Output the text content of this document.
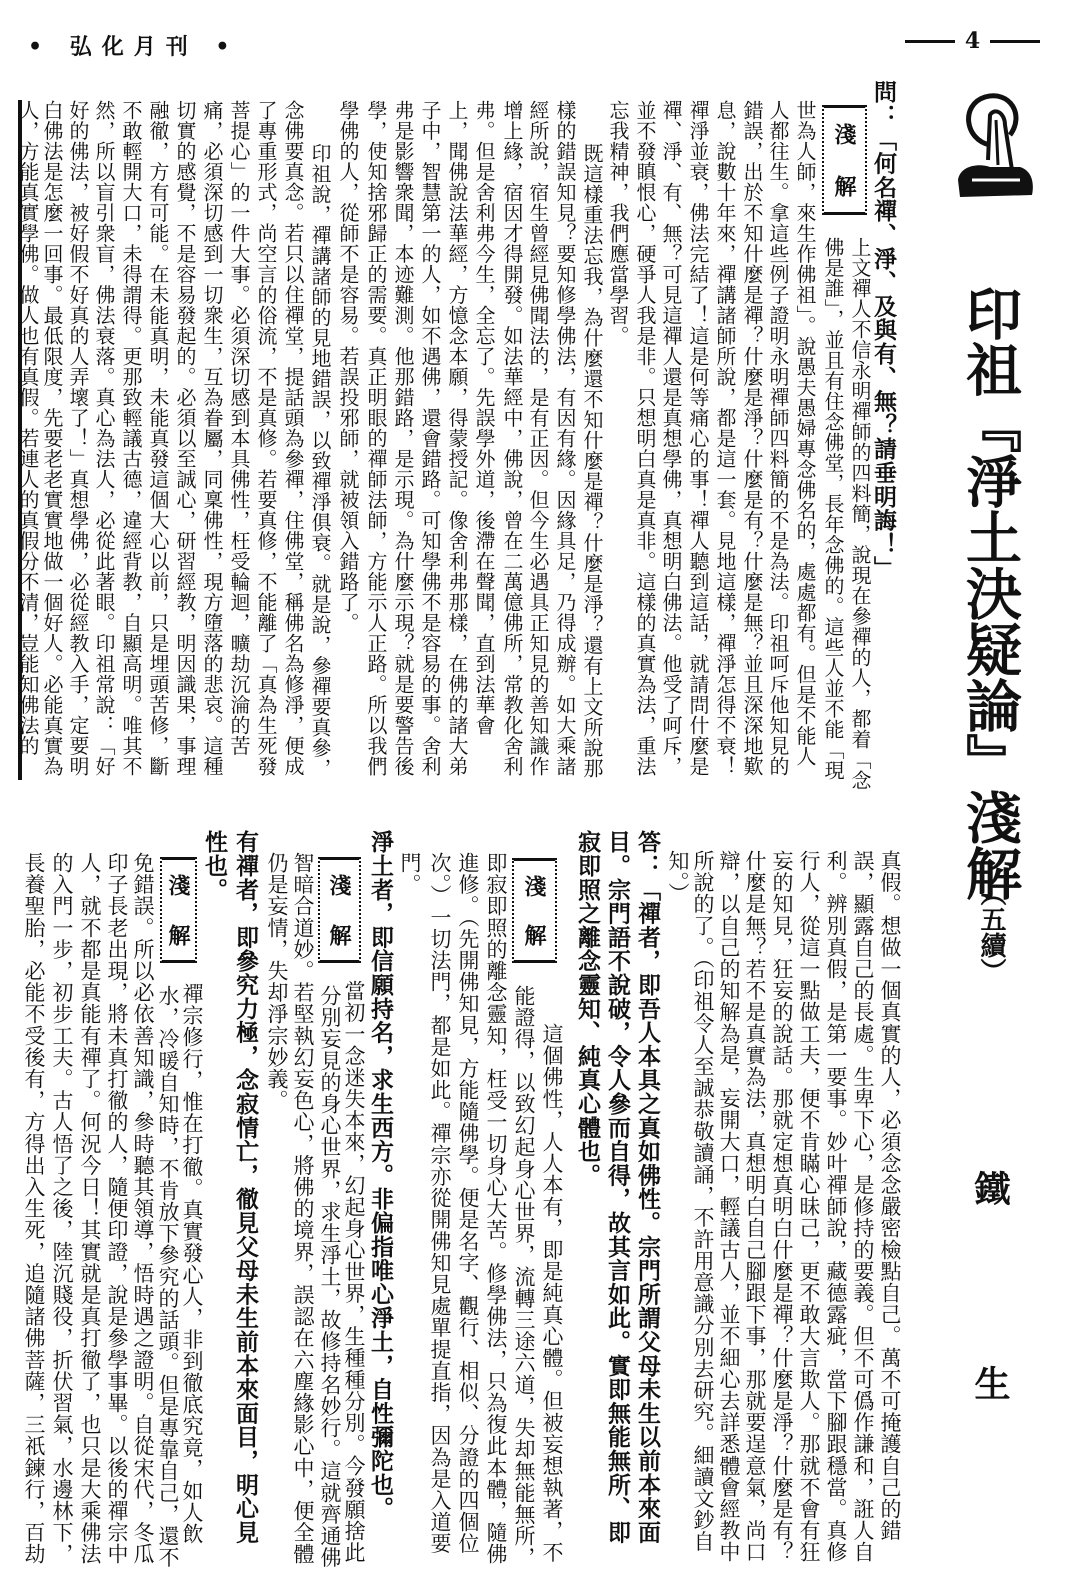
• 弘化月刊 •	4
印祖『淨土決疑論』淺解
（五續）
鐵
生
問：「何名禪、淨、及與有、無？請垂明誨！」
上文禪人不信永明禪師的四料簡，說現在參禪的人，都着「念
佛是誰」，並且有住念佛堂，長年念佛的。這些人並不能「現
世為人師，來生作佛祖」。說愚夫愚婦專念佛名的，處處都有。但是不能人
人都往生。拿這些例子證明永明禪師四料簡的不是為法。印祖呵斥他知見的
錯誤，出於不知什麼是禪？什麼是淨？什麼是有？什麼是無？並且深深地歎
息，說數十年來，禪講諸師所說，都是這一套。見地這樣，禪淨怎得不衰！
禪淨並衰，佛法完結了！這是何等痛心的事！禪人聽到這話，就請問什麼是
禪、淨、有、無？可見這禪人還是真想學佛，真想明白佛法。他受了呵斥，
並不發瞋恨心，硬爭人我是非。只想明白真是真非。這樣的真實為法，重法
忘我精神，我們應當學習。
既這樣重法忘我，為什麼還不知什麼是禪？什麼是淨？還有上文所說那
樣的錯誤知見？要知修學佛法，有因有緣。因緣具足，乃得成辦。如大乘諸
經所說，宿生曾經見佛聞法的，是有正因。但今生必遇具正知見的善知識作
增上緣，宿因才得開發。如法華經中，佛說，曾在二萬億佛所，常教化舍利
弗。但是舍利弗今生，全忘了。先誤學外道，後滯在聲聞，直到法華會
上，聞佛說法華經，方憶念本願，得蒙授記。像舍利弗那樣，在佛的諸大弟
子中，智慧第一的人，如不遇佛，還會錯路。可知學佛不是容易的事。舍利
弗是影響衆聞，本迹難測。他那錯路，是示現。為什麼示現？就是要警告後
學，使知捨邪歸正的需要。真正明眼的禪師法師，方能示人正路。所以我們
學佛的人，從師不是容易。若誤投邪師，就被領入錯路了。
印祖說，禪講諸師的見地錯誤，以致禪淨俱衰。就是說，參禪要真參，
念佛要真念。若只以住禪堂，提話頭為參禪，住佛堂，稱佛名為修淨，便成
了專重形式，尚空言的俗流，不是真修。若要真修，不能離了「真為生死發
菩提心」的一件大事。必須深切感到本具佛性，枉受輪迴，曠劫沉淪的苦
痛，必須深切感到一切衆生，互為眷屬，同稟佛性，現方墮落的悲哀。這種
切實的感覺，不是容易發起的。必須以至誠心，研習經教，明因識果，事理
融徹，方有可能。在未能真明，未能真發這個大心以前，只是埋頭苦修，斷
不敢輕開大口，未得謂得。更那致輕議古德，違經背教，自顯高明。唯其不
然，所以盲引衆盲，佛法衰落。真心為法人，必從此著眼。印祖常說：「好
好的佛法，被好假不好真的人弄壞了！」真想學佛，必從經教入手，定要明
白佛法是怎麼一回事。最低限度，先要老老實實地做一個好人。必能真實為
人，方能真實學佛。做人也有真假。若連人的真假分不清，豈能知佛法的
真假。想做一個真實的人，必須念念嚴密檢點自己。萬不可掩護自己的錯
誤，顯露自己的長處。生卑下心，是修持的要義。但不可僞作謙和，誑人自
利。辨別真假，是第一要事。妙叶禪師說，藏德露疵，當下腳跟穩當。真修
行人，從這一點做工夫，便不肯瞞心昧己，更不敢大言欺人。那就不會有狂
妄的知見，狂妄的說話。那就定想真明白什麼是禪？什麼是淨？什麼是有？
什麼是無？若不是真實為法，真想明白自己腳跟下事，那就要逞意氣，尚口
辯，以自己的知解為是，妄開大口，輕議古人，並不細心去詳悉體會經教中
所說的了。（印祖令人至誠恭敬讀誦，不許用意識分別去研究。細讀文鈔自
知。）
答：「禪者，即吾人本具之真如佛性。宗門所謂父母未生以前本來面
目。宗門語不說破，令人參而自得，故其言如此。實即無能無所、即
寂即照之離念靈知、純真心體也。
這個佛性，人人本有，即是純真心體。但被妄想執著，不
能證得，以致幻起身心世界，流轉三途六道，失却無能無所，
即寂即照的離念靈知，枉受一切身心大苦。修學佛法，只為復此本體，隨佛
進修。（先開佛知見，方能隨佛學。便是名字、觀行、相似、分證的四個位
次。）一切法門，都是如此。禪宗亦從開佛知見處單提直指，因為是入道要
門。
淨土者，即信願持名，求生西方。非偏指唯心淨土，自性彌陀也。
當初一念迷失本來，幻起身心世界，生種種分別。今發願捨此
分別妄見的身心世界，求生淨土，故修持名妙行。這就齊通佛
智暗合道妙。若堅執幻妄色心，將佛的境界，誤認在六塵緣影心中，便全體
仍是妄情，失却淨宗妙義。
有禪者，即參究力極，念寂情亡，徹見父母未生前本來面目，明心見
性也。
禪宗修行，惟在打徹。真實發心人，非到徹底究竟，如人飲
水，冷暖自知時，不肯放下參究的話頭。但是專靠自己，還不
免錯誤。所以必依善知識，參時聽其領導，悟時遇之證明。自從宋代，冬瓜
印子長老出現，將未真打徹的人，隨便印證，說是參學事畢。以後的禪宗中
人，就不都是真能有禪了。何況今日！其實就是真打徹了，也只是大乘佛法
的入門一步，初步工夫。古人悟了之後，陸沉賤役，折伏習氣，水邊林下，
長養聖胎，必能不受後有，方得出入生死，追隨諸佛菩薩，三祇鍊行，百劫
淺
解
淺
解
淺
解
淺
解
